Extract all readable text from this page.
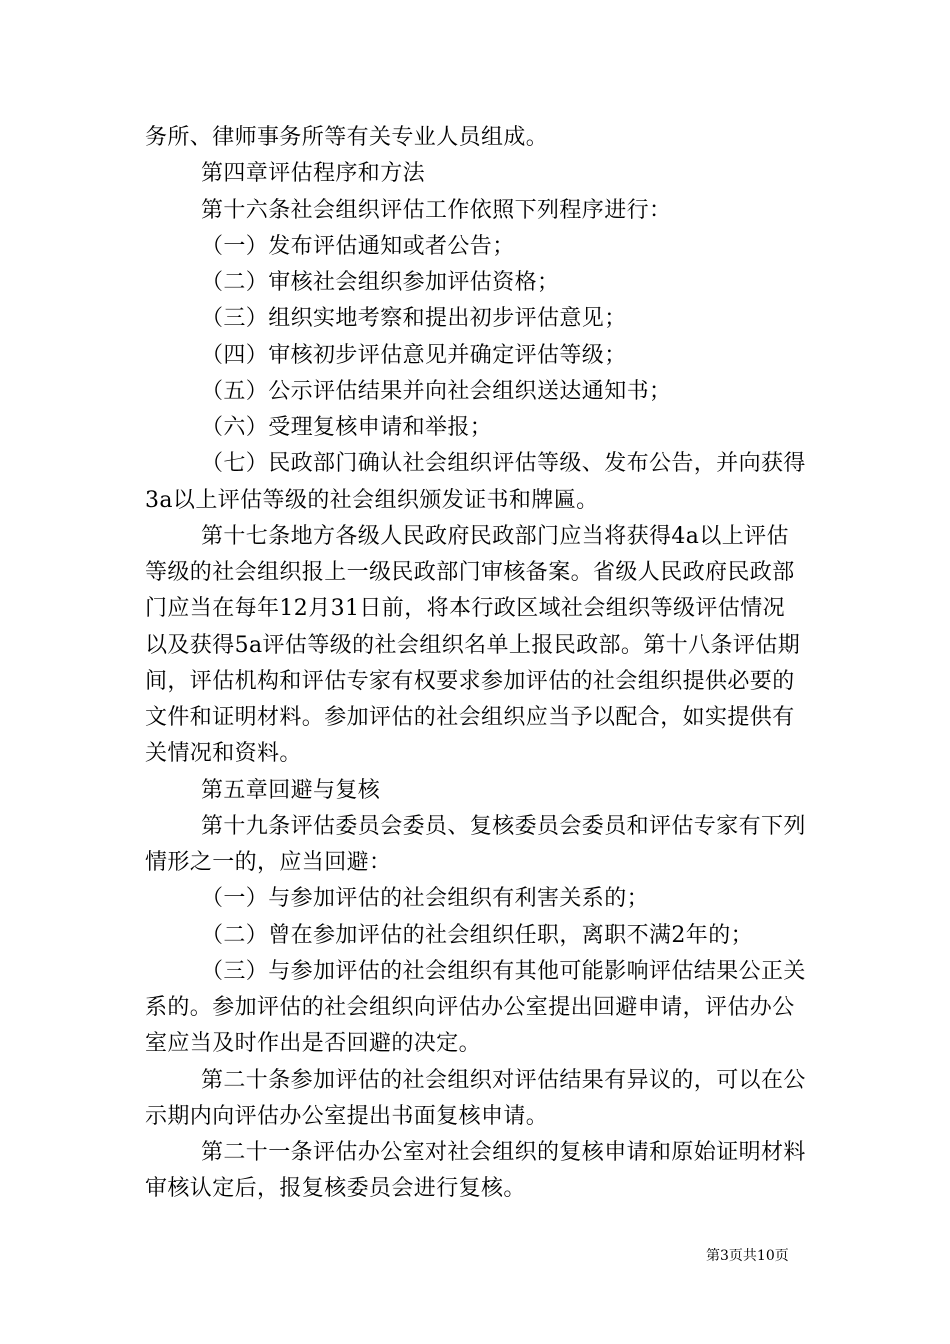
务所、律师事务所等有关专业人员组成。
第四章评估程序和方法
第十六条社会组织评估工作依照下列程序进行：
（一）发布评估通知或者公告；
（二）审核社会组织参加评估资格；
（三）组织实地考察和提出初步评估意见；
（四）审核初步评估意见并确定评估等级；
（五）公示评估结果并向社会组织送达通知书；
（六）受理复核申请和举报；
（七）民政部门确认社会组织评估等级、发布公告，并向获得
3a以上评估等级的社会组织颁发证书和牌匾。
第十七条地方各级人民政府民政部门应当将获得4a以上评估
等级的社会组织报上一级民政部门审核备案。省级人民政府民政部
门应当在每年12月31日前，将本行政区域社会组织等级评估情况
以及获得5a评估等级的社会组织名单上报民政部。第十八条评估期
间，评估机构和评估专家有权要求参加评估的社会组织提供必要的
文件和证明材料。参加评估的社会组织应当予以配合，如实提供有
关情况和资料。
第五章回避与复核
第十九条评估委员会委员、复核委员会委员和评估专家有下列
情形之一的，应当回避：
（一）与参加评估的社会组织有利害关系的；
（二）曾在参加评估的社会组织任职，离职不满2年的；
（三）与参加评估的社会组织有其他可能影响评估结果公正关
系的。参加评估的社会组织向评估办公室提出回避申请，评估办公
室应当及时作出是否回避的决定。
第二十条参加评估的社会组织对评估结果有异议的，可以在公
示期内向评估办公室提出书面复核申请。
第二十一条评估办公室对社会组织的复核申请和原始证明材料
审核认定后，报复核委员会进行复核。
第3页共10页
